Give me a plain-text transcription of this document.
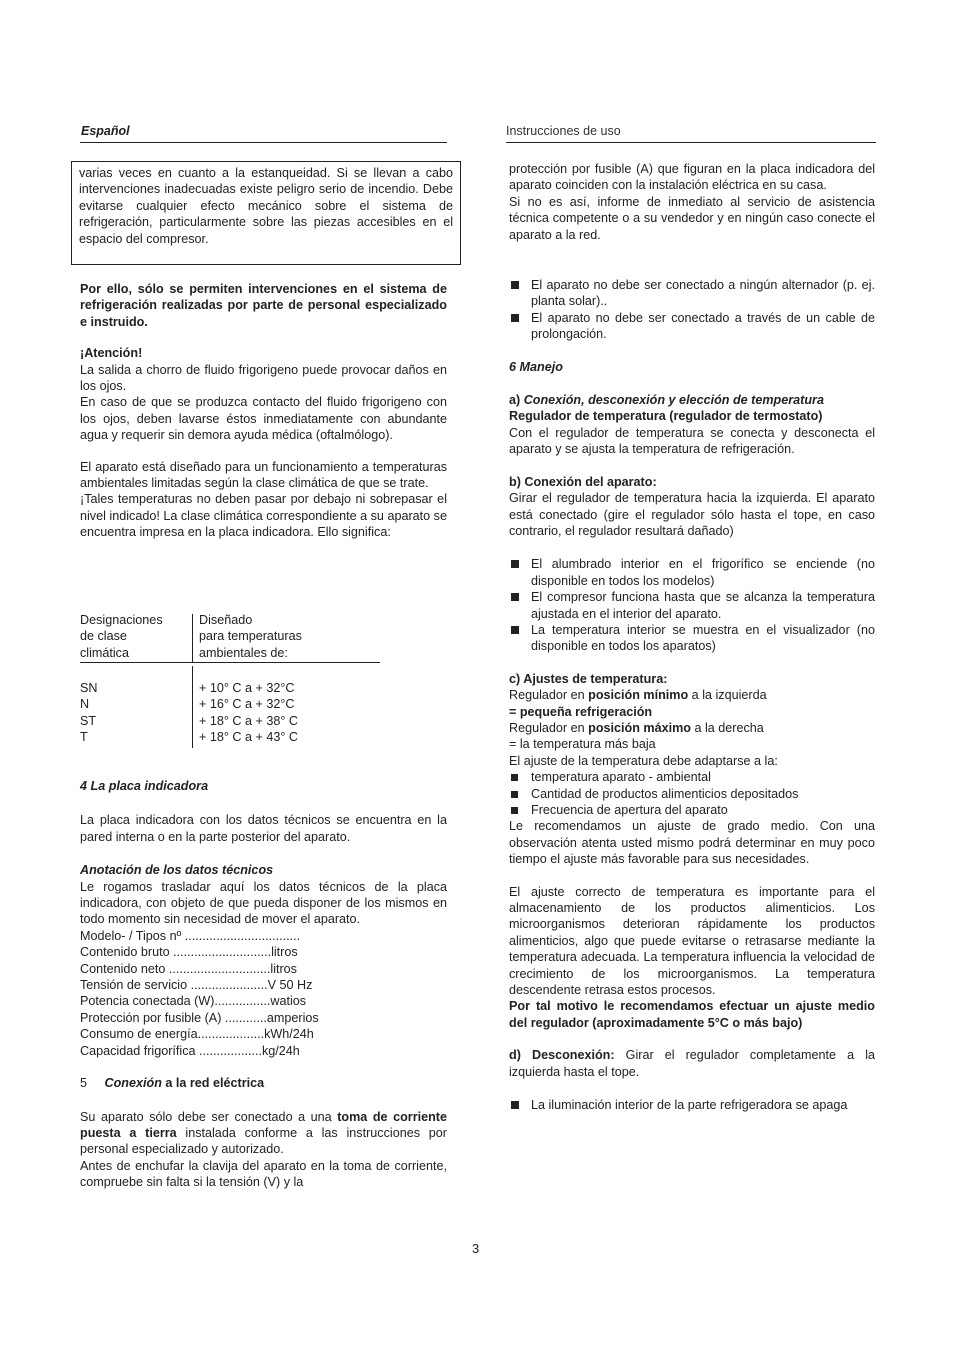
Español	Instrucciones de uso

varias veces en cuanto a la estanqueidad. Si se llevan a cabo intervenciones inadecuadas existe peligro serio de incendio. Debe evitarse cualquier efecto mecánico sobre el sistema de refrigeración, particularmente sobre las piezas accesibles en el espacio del compresor.

Por ello, sólo se permiten intervenciones en el sistema de refrigeración realizadas por parte de personal especializado e instruido.

¡Atención!

La salida a chorro de fluido frigorigeno puede provocar daños en los ojos.

En caso de que se produzca contacto del fluido frigorigeno con los ojos, deben lavarse éstos inmediatamente con abundante agua y requerir sin demora ayuda médica (oftalmólogo).

El aparato está diseñado para un funcionamiento a temperaturas ambientales limitadas según la clase climática de que se trate.

¡Tales temperaturas no deben pasar por debajo ni sobrepasar el nivel indicado! La clase climática correspondiente a su aparato se encuentra impresa en la placa indicadora. Ello significa:

Designaciones
de clase
climática
Diseñado
para temperaturas
ambientales de:
SN
N
ST
T
+ 10° C a + 32°C
+ 16° C a + 32°C
+ 18° C a + 38° C
+ 18° C a + 43° C

4 La placa indicadora

La placa indicadora con los datos técnicos se encuentra en la pared interna o en la parte posterior del aparato.

Anotación de los datos técnicos

Le rogamos trasladar aquí los datos técnicos de la placa indicadora, con objeto de que pueda disponer de los mismos en todo momento sin necesidad de mover el aparato.

Modelo- / Tipos nº .................................
Contenido bruto ............................litros
Contenido neto .............................litros
Tensión de servicio ......................V 50 Hz
Potencia conectada (W)................watios
Protección por fusible (A) ............amperios
Consumo de energía...................kWh/24h
Capacidad frigorífica ..................kg/24h

5 Conexión a la red eléctrica

Su aparato sólo debe ser conectado a una toma de corriente puesta a tierra instalada conforme a las instrucciones por personal especializado y autorizado.

Antes de enchufar la clavija del aparato en la toma de corriente, compruebe sin falta si la tensión (V) y la

protección por fusible (A) que figuran en la placa indicadora del aparato coinciden con la instalación eléctrica en su casa.

Si no es así, informe de inmediato al servicio de asistencia técnica competente o a su vendedor y en ningún caso conecte el aparato a la red.

El aparato no debe ser conectado a ningún alternador (p. ej. planta solar)..

El aparato no debe ser conectado a través de un cable de prolongación.

6 Manejo

a) Conexión, desconexión y elección de temperatura

Regulador de temperatura (regulador de termostato)

Con el regulador de temperatura se conecta y desconecta el aparato y se ajusta la temperatura de refrigeración.

b) Conexión del aparato:

Girar el regulador de temperatura hacia la izquierda. El aparato está conectado (gire el regulador sólo hasta el tope, en caso contrario, el regulador resultará dañado)

El alumbrado interior en el frigorífico se enciende (no disponible en todos los modelos)

El compresor funciona hasta que se alcanza la temperatura ajustada en el interior del aparato.

La temperatura interior se muestra en el visualizador (no disponible en todos los aparatos)

c) Ajustes de temperatura:

Regulador en posición mínimo a la izquierda

= pequeña refrigeración

Regulador en posición máximo a la derecha

= la temperatura más baja

El ajuste de la temperatura debe adaptarse a la:

temperatura aparato - ambiental

Cantidad de productos alimenticios depositados

Frecuencia de apertura del aparato

Le recomendamos un ajuste de grado medio. Con una observación atenta usted mismo podrá determinar en muy poco tiempo el ajuste más favorable para sus necesidades.

El ajuste correcto de temperatura es importante para el almacenamiento de los productos alimenticios. Los microorganismos deterioran rápidamente los productos alimenticios, algo que puede evitarse o retrasarse mediante la temperatura adecuada. La temperatura influencia la velocidad de crecimiento de los microorganismos. La temperatura descendente retrasa estos procesos.

Por tal motivo le recomendamos efectuar un ajuste medio del regulador (aproximadamente 5°C o más bajo)

d) Desconexión: Girar el regulador completamente a la izquierda hasta el tope.

La iluminación interior de la parte refrigeradora se apaga

3
